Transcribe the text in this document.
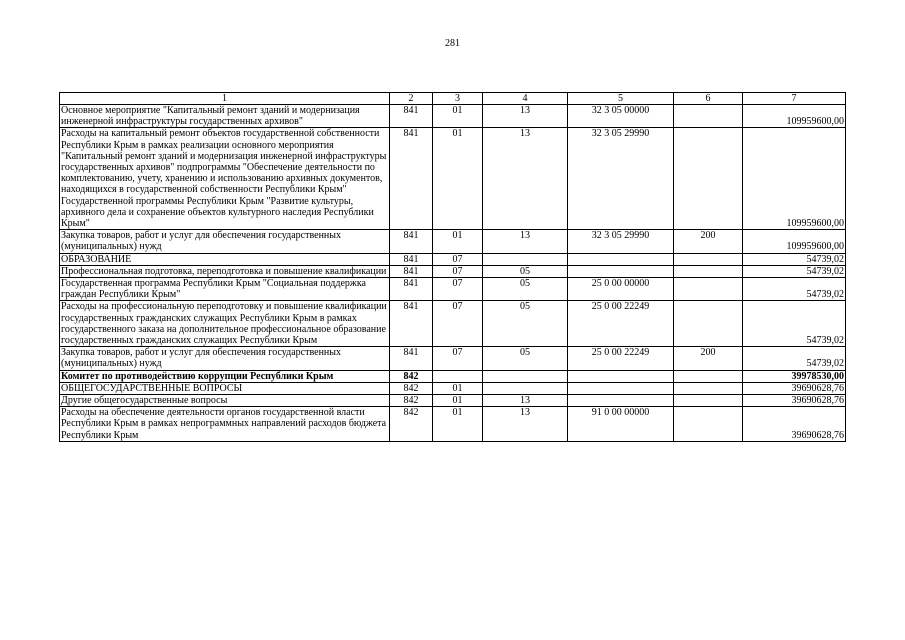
281
1	2	3	4	5	6	7
Основное мероприятие "Капитальный ремонт зданий и модернизация инженерной инфраструктуры государственных архивов"	841	01	13	32 3 05 00000		109959600,00
Расходы на капитальный ремонт объектов государственной собственности Республики Крым в рамках реализации основного мероприятия "Капитальный ремонт зданий и модернизация инженерной инфраструктуры государственных архивов" подпрограммы "Обеспечение деятельности по комплектованию, учету, хранению и использованию архивных документов, находящихся в государственной собственности Республики Крым" Государственной программы Республики Крым "Развитие культуры, архивного дела и сохранение объектов культурного наследия Республики Крым"	841	01	13	32 3 05 29990		109959600,00
Закупка товаров, работ и услуг для обеспечения государственных (муниципальных) нужд	841	01	13	32 3 05 29990	200	109959600,00
ОБРАЗОВАНИЕ	841	07				54739,02
Профессиональная подготовка, переподготовка и повышение квалификации	841	07	05			54739,02
Государственная программа Республики Крым "Социальная поддержка граждан Республики Крым"	841	07	05	25 0 00 00000		54739,02
Расходы на профессиональную переподготовку и повышение квалификации государственных гражданских служащих Республики Крым в рамках государственного заказа на дополнительное профессиональное образование государственных гражданских служащих Республики Крым	841	07	05	25 0 00 22249		54739,02
Закупка товаров, работ и услуг для обеспечения государственных (муниципальных) нужд	841	07	05	25 0 00 22249	200	54739,02
Комитет по противодействию коррупции Республики Крым	842					39978530,00
ОБЩЕГОСУДАРСТВЕННЫЕ ВОПРОСЫ	842	01				39690628,76
Другие общегосударственные вопросы	842	01	13			39690628,76
Расходы на обеспечение деятельности органов государственной власти Республики Крым в рамках непрограммных направлений расходов бюджета Республики Крым	842	01	13	91 0 00 00000		39690628,76
